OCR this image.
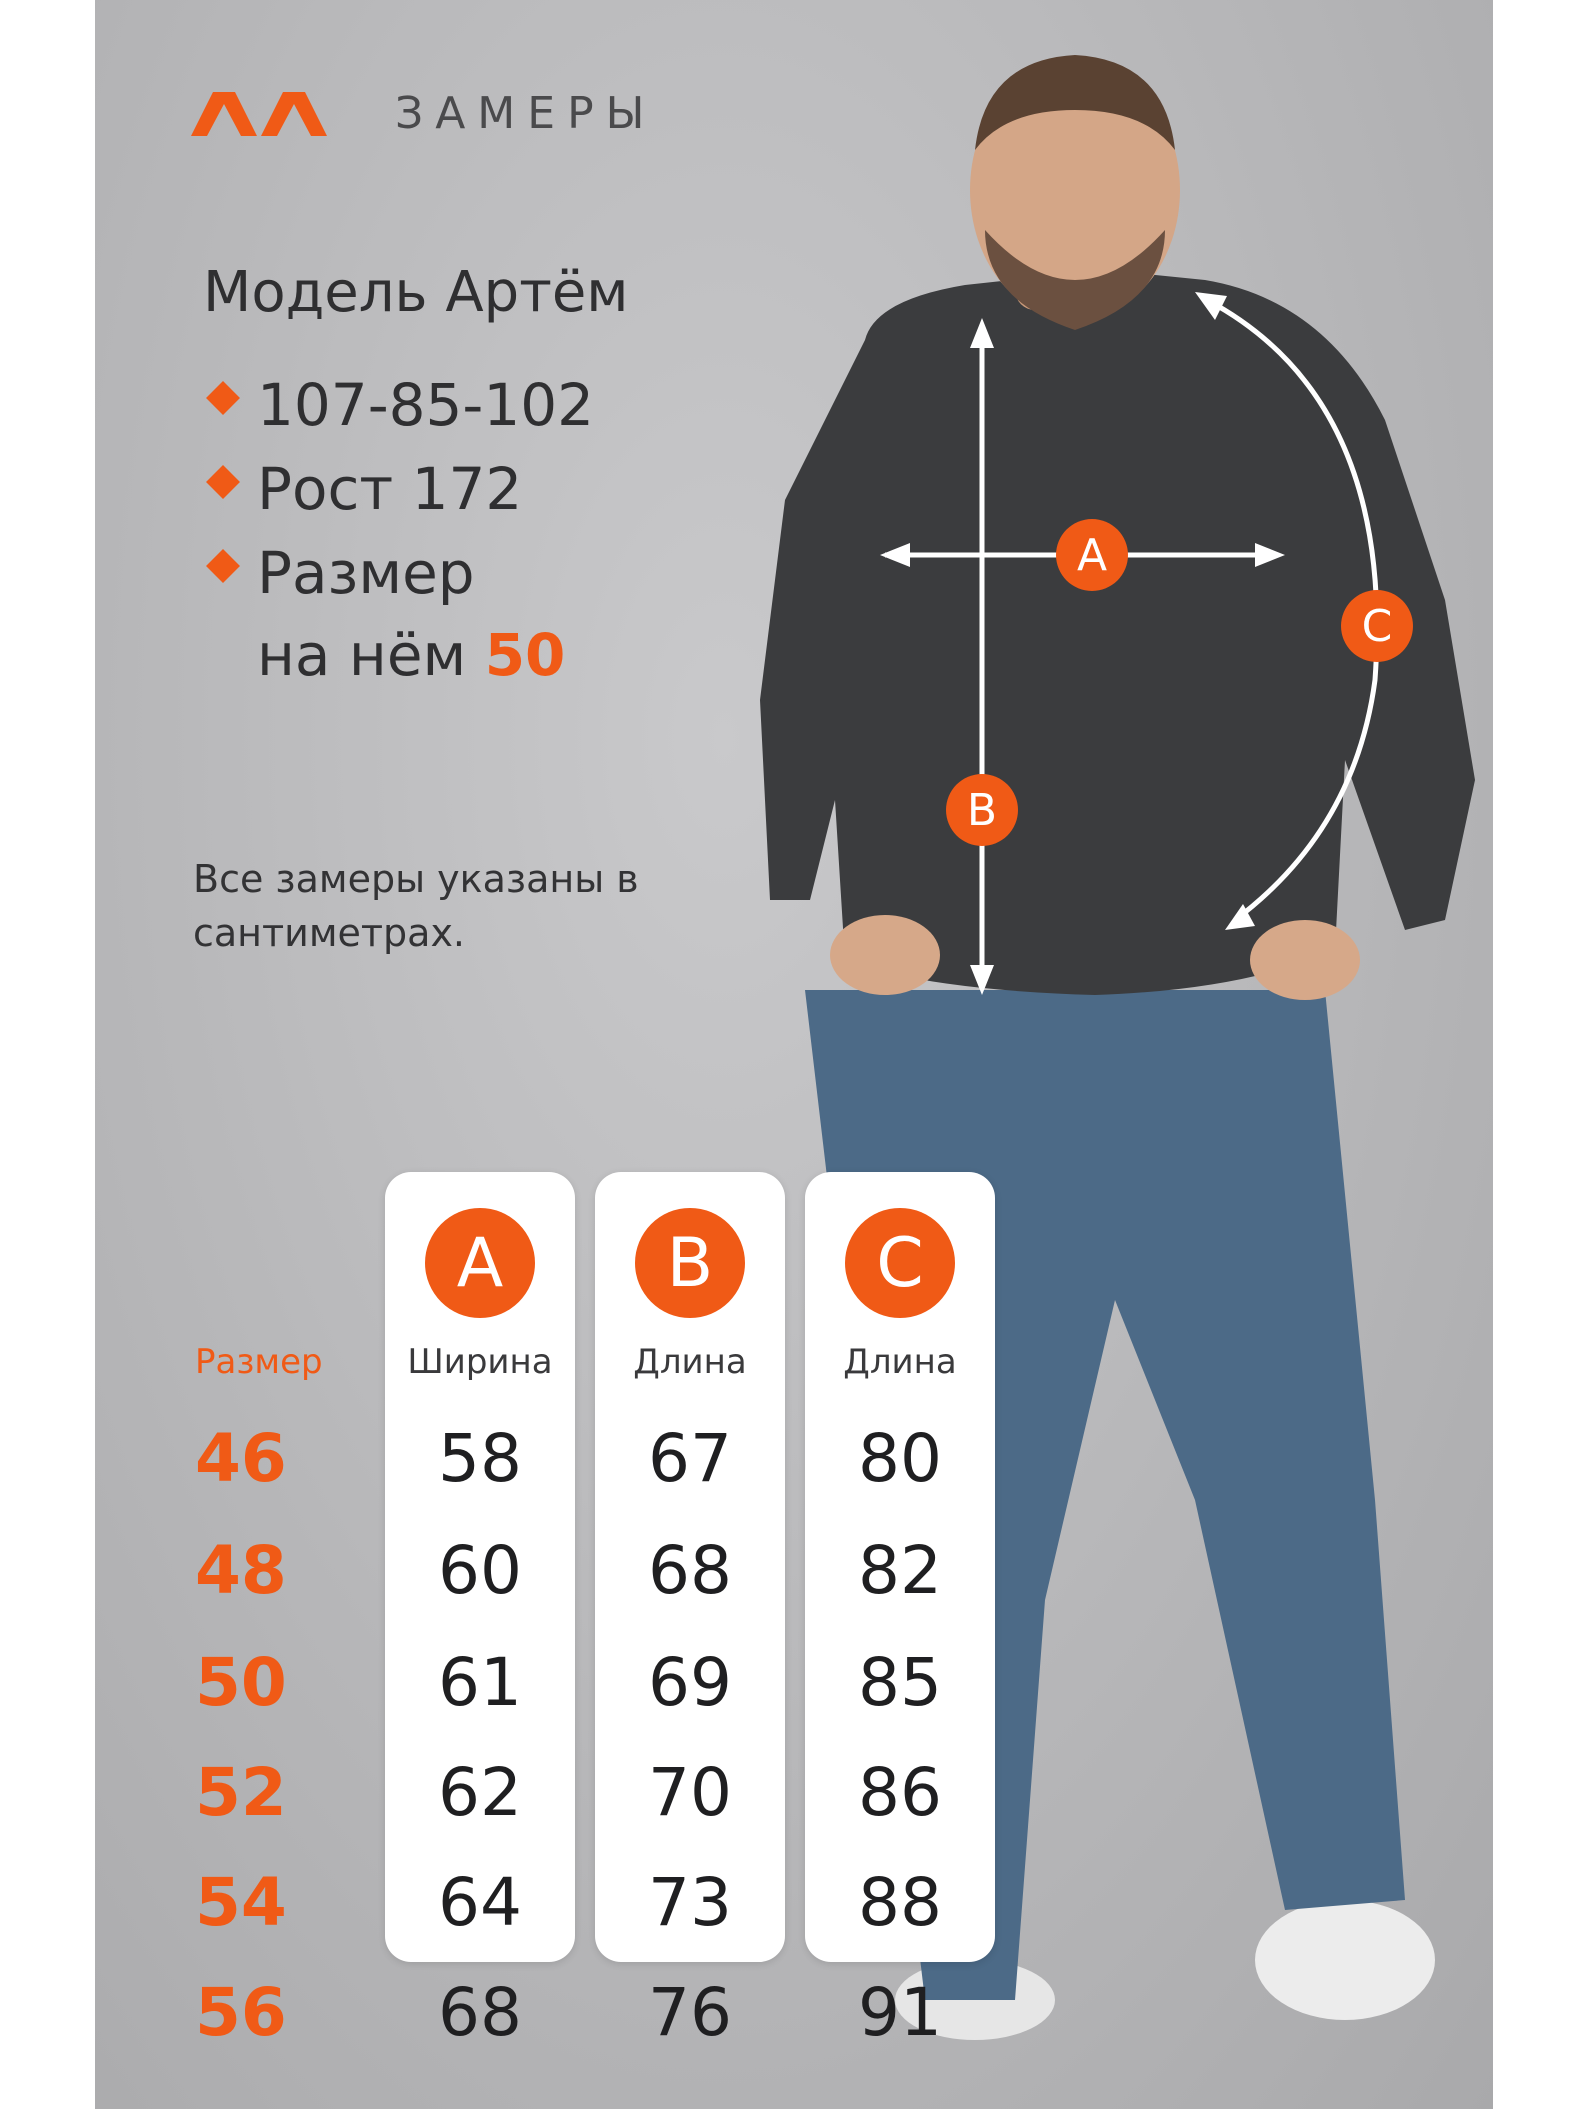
ЗАМЕРЫ
Модель Артём
107-85-102
Рост 172
Размер
на нём 50
Все замеры указаны в сантиметрах.
A
B
C
Размер
46
48
50
52
54
56
A
Ширина
58
60
61
62
64
68
B
Длина
67
68
69
70
73
76
C
Длина
80
82
85
86
88
91
